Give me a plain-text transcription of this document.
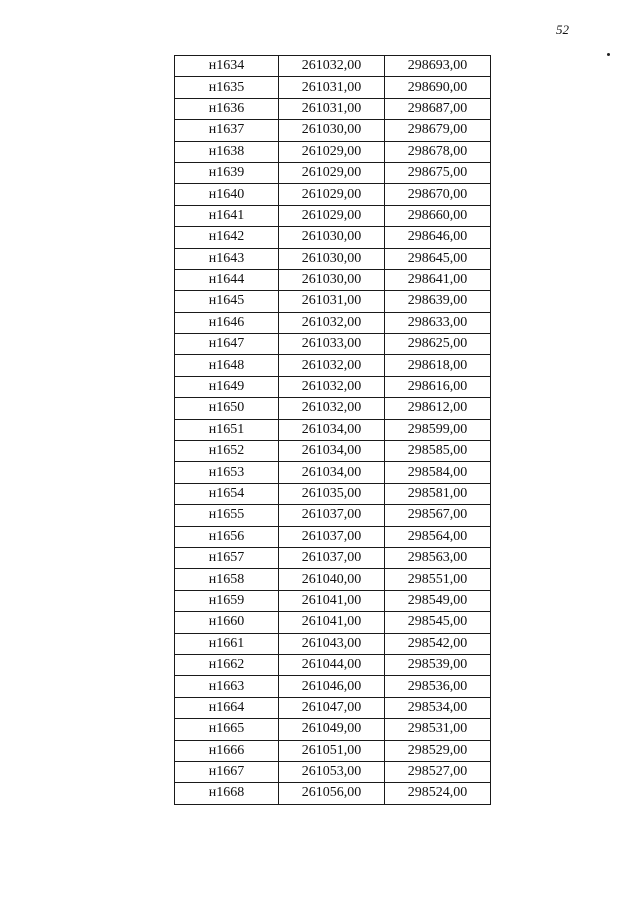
52
н1634	261032,00	298693,00
н1635	261031,00	298690,00
н1636	261031,00	298687,00
н1637	261030,00	298679,00
н1638	261029,00	298678,00
н1639	261029,00	298675,00
н1640	261029,00	298670,00
н1641	261029,00	298660,00
н1642	261030,00	298646,00
н1643	261030,00	298645,00
н1644	261030,00	298641,00
н1645	261031,00	298639,00
н1646	261032,00	298633,00
н1647	261033,00	298625,00
н1648	261032,00	298618,00
н1649	261032,00	298616,00
н1650	261032,00	298612,00
н1651	261034,00	298599,00
н1652	261034,00	298585,00
н1653	261034,00	298584,00
н1654	261035,00	298581,00
н1655	261037,00	298567,00
н1656	261037,00	298564,00
н1657	261037,00	298563,00
н1658	261040,00	298551,00
н1659	261041,00	298549,00
н1660	261041,00	298545,00
н1661	261043,00	298542,00
н1662	261044,00	298539,00
н1663	261046,00	298536,00
н1664	261047,00	298534,00
н1665	261049,00	298531,00
н1666	261051,00	298529,00
н1667	261053,00	298527,00
н1668	261056,00	298524,00
